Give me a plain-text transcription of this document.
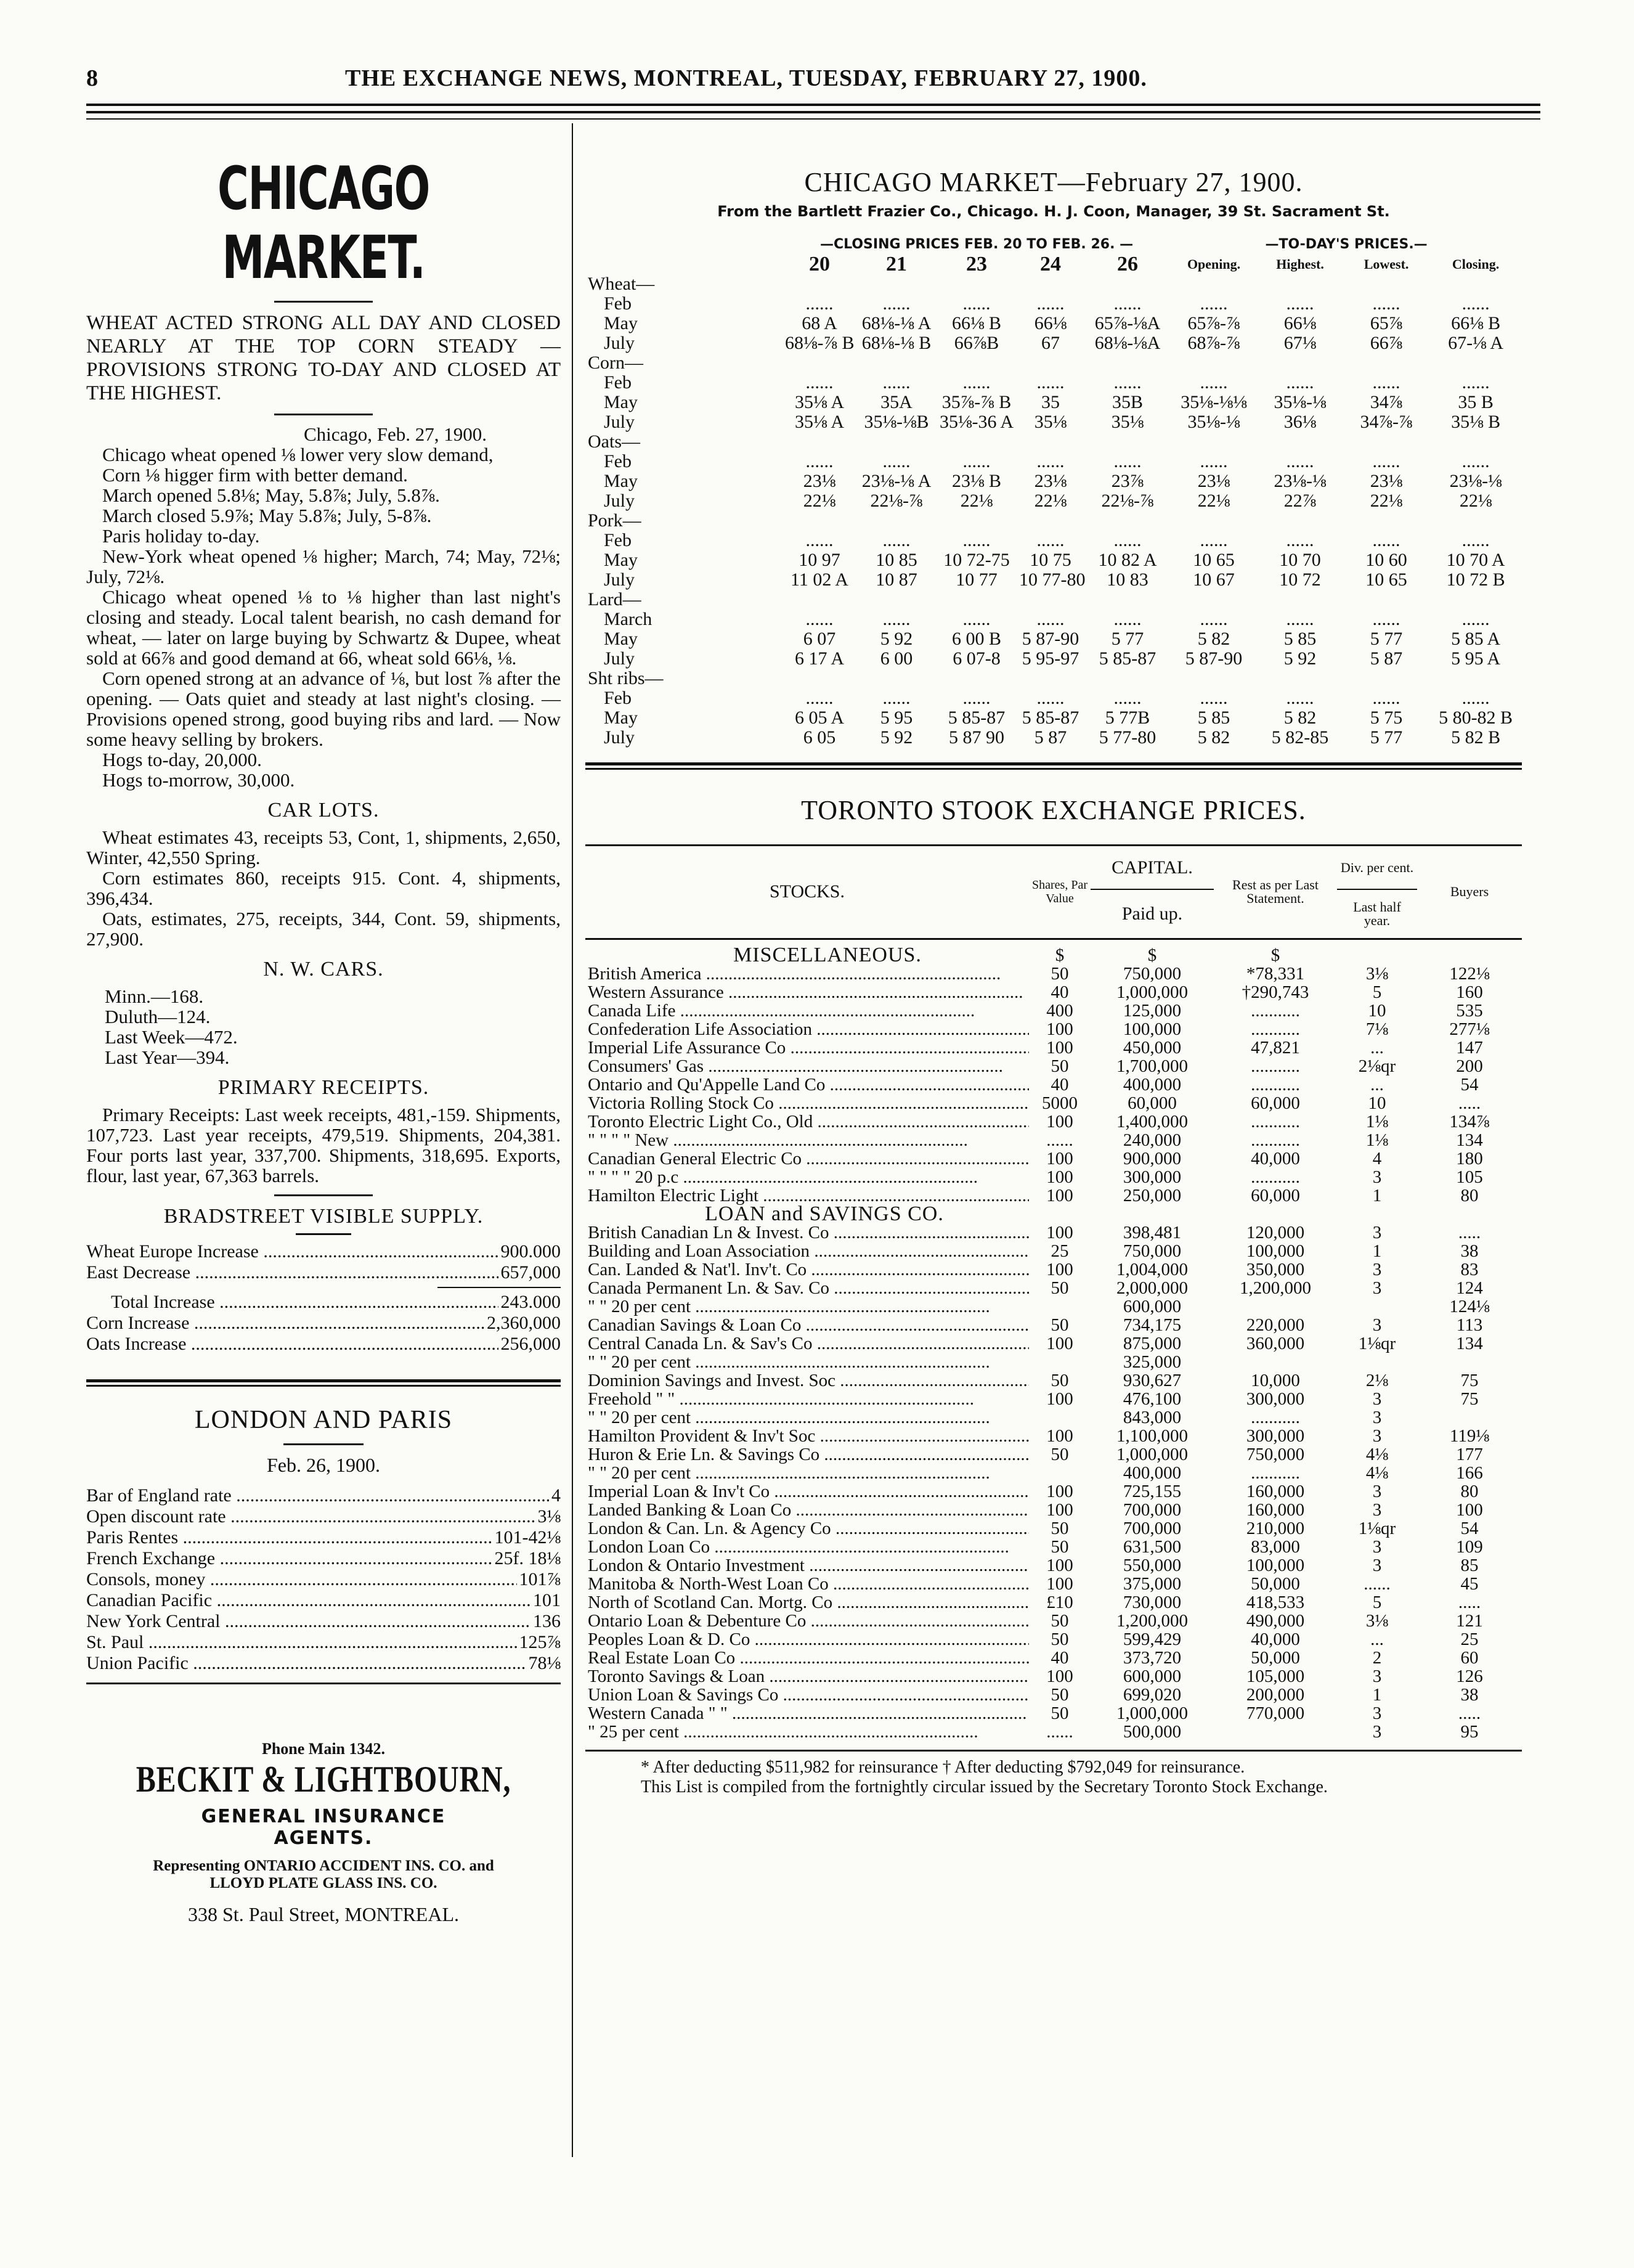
8	THE EXCHANGE NEWS, MONTREAL, TUESDAY, FEBRUARY 27, 1900.
CHICAGO MARKET.
WHEAT ACTED STRONG ALL DAY AND CLOSED NEARLY AT THE TOP CORN STEADY — PROVISIONS STRONG TO-DAY AND CLOSED AT THE HIGHEST.
Chicago, Feb. 27, 1900.

Chicago wheat opened ⅛ lower very slow demand,

Corn ⅛ higger firm with better demand.

March opened 5.8⅛; May, 5.8⅞; July, 5.8⅞.

March closed 5.9⅞; May 5.8⅞; July, 5-8⅞.

Paris holiday to-day.

New-York wheat opened ⅛ higher; March, 74; May, 72⅛; July, 72⅛.

Chicago wheat opened ⅛ to ⅛ higher than last night's closing and steady. Local talent bearish, no cash demand for wheat, — later on large buying by Schwartz & Dupee, wheat sold at 66⅞ and good demand at 66, wheat sold 66⅛, ⅛.

Corn opened strong at an advance of ⅛, but lost ⅞ after the opening. — Oats quiet and steady at last night's closing. — Provisions opened strong, good buying ribs and lard. — Now some heavy selling by brokers.

Hogs to-day, 20,000.

Hogs to-morrow, 30,000.

CAR LOTS.

Wheat estimates 43, receipts 53, Cont, 1, shipments, 2,650, Winter, 42,550 Spring.

Corn estimates 860, receipts 915. Cont. 4, shipments, 396,434.

Oats, estimates, 275, receipts, 344, Cont. 59, shipments, 27,900.

N. W. CARS.
Minn.—168.
Duluth—124.
Last Week—472.
Last Year—394.
PRIMARY RECEIPTS.

Primary Receipts: Last week receipts, 481,-159. Shipments, 107,723. Last year receipts, 479,519. Shipments, 204,381. Four ports last year, 337,700. Shipments, 318,695. Exports, flour, last year, 67,363 barrels.

BRADSTREET VISIBLE SUPPLY.
Wheat Europe Increase .....	900.000
East Decrease .....	657,000
Total Increase .....	243.000
Corn Increase .....	2,360,000
Oats Increase .....	256,000
LONDON AND PARIS
Feb. 26, 1900.
Bar of England rate .....	4
Open discount rate .....	3⅛
Paris Rentes .....	101-42⅛
French Exchange .....	25f. 18⅛
Consols, money .....	101⅞
Canadian Pacific .....	101
New York Central .....	136
St. Paul .....	125⅞
Union Pacific .....	78⅛
Phone Main 1342.
BECKIT & LIGHTBOURN,
GENERAL INSURANCE
AGENTS.
Representing ONTARIO ACCIDENT INS. CO. and
LLOYD PLATE GLASS INS. CO.
338 St. Paul Street, MONTREAL.
CHICAGO MARKET—February 27, 1900.
From the Bartlett Frazier Co., Chicago. H. J. Coon, Manager, 39 St. Sacrament St.
	—CLOSING PRICES FEB. 20 TO FEB. 26. —					—TO-DAY'S PRICES.—			
	20	21	23	24	26	Opening.	Highest.	Lowest.	Closing.
Wheat—									
Feb	......	......	......	......	......	......	......	......	......
May	68 A	68⅛-⅛ A	66⅛ B	66⅛	65⅞-⅛A	65⅞-⅞	66⅛	65⅞	66⅛ B
July	68⅛-⅞ B	68⅛-⅛ B	66⅞B	67	68⅛-⅛A	68⅞-⅞	67⅛	66⅞	67-⅛ A
Corn—									
Feb	......	......	......	......	......	......	......	......	......
May	35⅛ A	35A	35⅞-⅞ B	35	35B	35⅛-⅛⅛	35⅛-⅛	34⅞	35 B
July	35⅛ A	35⅛-⅛B	35⅛-36 A	35⅛	35⅛	35⅛-⅛	36⅛	34⅞-⅞	35⅛ B
Oats—									
Feb	......	......	......	......	......	......	......	......	......
May	23⅛	23⅛-⅛ A	23⅛ B	23⅛	23⅞	23⅛	23⅛-⅛	23⅛	23⅛-⅛
July	22⅛	22⅛-⅞	22⅛	22⅛	22⅛-⅞	22⅛	22⅞	22⅛	22⅛
Pork—									
Feb	......	......	......	......	......	......	......	......	......
May	10 97	10 85	10 72-75	10 75	10 82 A	10 65	10 70	10 60	10 70 A
July	11 02 A	10 87	10 77	10 77-80	10 83	10 67	10 72	10 65	10 72 B
Lard—									
March	......	......	......	......	......	......	......	......	......
May	6 07	5 92	6 00 B	5 87-90	5 77	5 82	5 85	5 77	5 85 A
July	6 17 A	6 00	6 07-8	5 95-97	5 85-87	5 87-90	5 92	5 87	5 95 A
Sht ribs—									
Feb	......	......	......	......	......	......	......	......	......
May	6 05 A	5 95	5 85-87	5 85-87	5 77B	5 85	5 82	5 75	5 80-82 B
July	6 05	5 92	5 87 90	5 87	5 77-80	5 82	5 82-85	5 77	5 82 B
TORONTO STOOK EXCHANGE PRICES.
STOCKS.	Shares, Par Value	CAPITAL.	Rest as per Last Statement.	Div. per cent.	Buyers
		Paid up.		Last half year.	

MISCELLANEOUS.	$	$	$		
British America .....	50	750,000	*78,331	3⅛	122⅛
Western Assurance .....	40	1,000,000	†290,743	5	160
Canada Life .....	400	125,000	...........	10	535
Confederation Life Association .....	100	100,000	...........	7⅛	277⅛
Imperial Life Assurance Co .....	100	450,000	47,821	...	147
Consumers' Gas .....	50	1,700,000	...........	2⅛qr	200
Ontario and Qu'Appelle Land Co .....	40	400,000	...........	...	54
Victoria Rolling Stock Co .....	5000	60,000	60,000	10	.....
Toronto Electric Light Co., Old .....	100	1,400,000	...........	1⅛	134⅞
" " " " New .....	......	240,000	...........	1⅛	134
Canadian General Electric Co .....	100	900,000	40,000	4	180
" " " " 20 p.c .....	100	300,000	...........	3	105
Hamilton Electric Light .....	100	250,000	60,000	1	80
LOAN and SAVINGS CO.					
British Canadian Ln & Invest. Co .....	100	398,481	120,000	3	.....
Building and Loan Association .....	25	750,000	100,000	1	38
Can. Landed & Nat'l. Inv't. Co .....	100	1,004,000	350,000	3	83
Canada Permanent Ln. & Sav. Co .....	50	2,000,000	1,200,000	3	124
" " 20 per cent .....		600,000			124⅛
Canadian Savings & Loan Co .....	50	734,175	220,000	3	113
Central Canada Ln. & Sav's Co .....	100	875,000	360,000	1⅛qr	134
" " 20 per cent .....		325,000			
Dominion Savings and Invest. Soc .....	50	930,627	10,000	2⅛	75
Freehold " " .....	100	476,100	300,000	3	75
" " 20 per cent .....		843,000	...........	3	
Hamilton Provident & Inv't Soc .....	100	1,100,000	300,000	3	119⅛
Huron & Erie Ln. & Savings Co .....	50	1,000,000	750,000	4⅛	177
" " 20 per cent .....		400,000	...........	4⅛	166
Imperial Loan & Inv't Co .....	100	725,155	160,000	3	80
Landed Banking & Loan Co .....	100	700,000	160,000	3	100
London & Can. Ln. & Agency Co .....	50	700,000	210,000	1⅛qr	54
London Loan Co .....	50	631,500	83,000	3	109
London & Ontario Investment .....	100	550,000	100,000	3	85
Manitoba & North-West Loan Co .....	100	375,000	50,000	......	45
North of Scotland Can. Mortg. Co .....	£10	730,000	418,533	5	.....
Ontario Loan & Debenture Co .....	50	1,200,000	490,000	3⅛	121
Peoples Loan & D. Co .....	50	599,429	40,000	...	25
Real Estate Loan Co .....	40	373,720	50,000	2	60
Toronto Savings & Loan .....	100	600,000	105,000	3	126
Union Loan & Savings Co .....	50	699,020	200,000	1	38
Western Canada " " .....	50	1,000,000	770,000	3	.....
" 25 per cent .....	......	500,000		3	95
* After deducting $511,982 for reinsurance † After deducting $792,049 for reinsurance.
This List is compiled from the fortnightly circular issued by the Secretary Toronto Stock Exchange.
